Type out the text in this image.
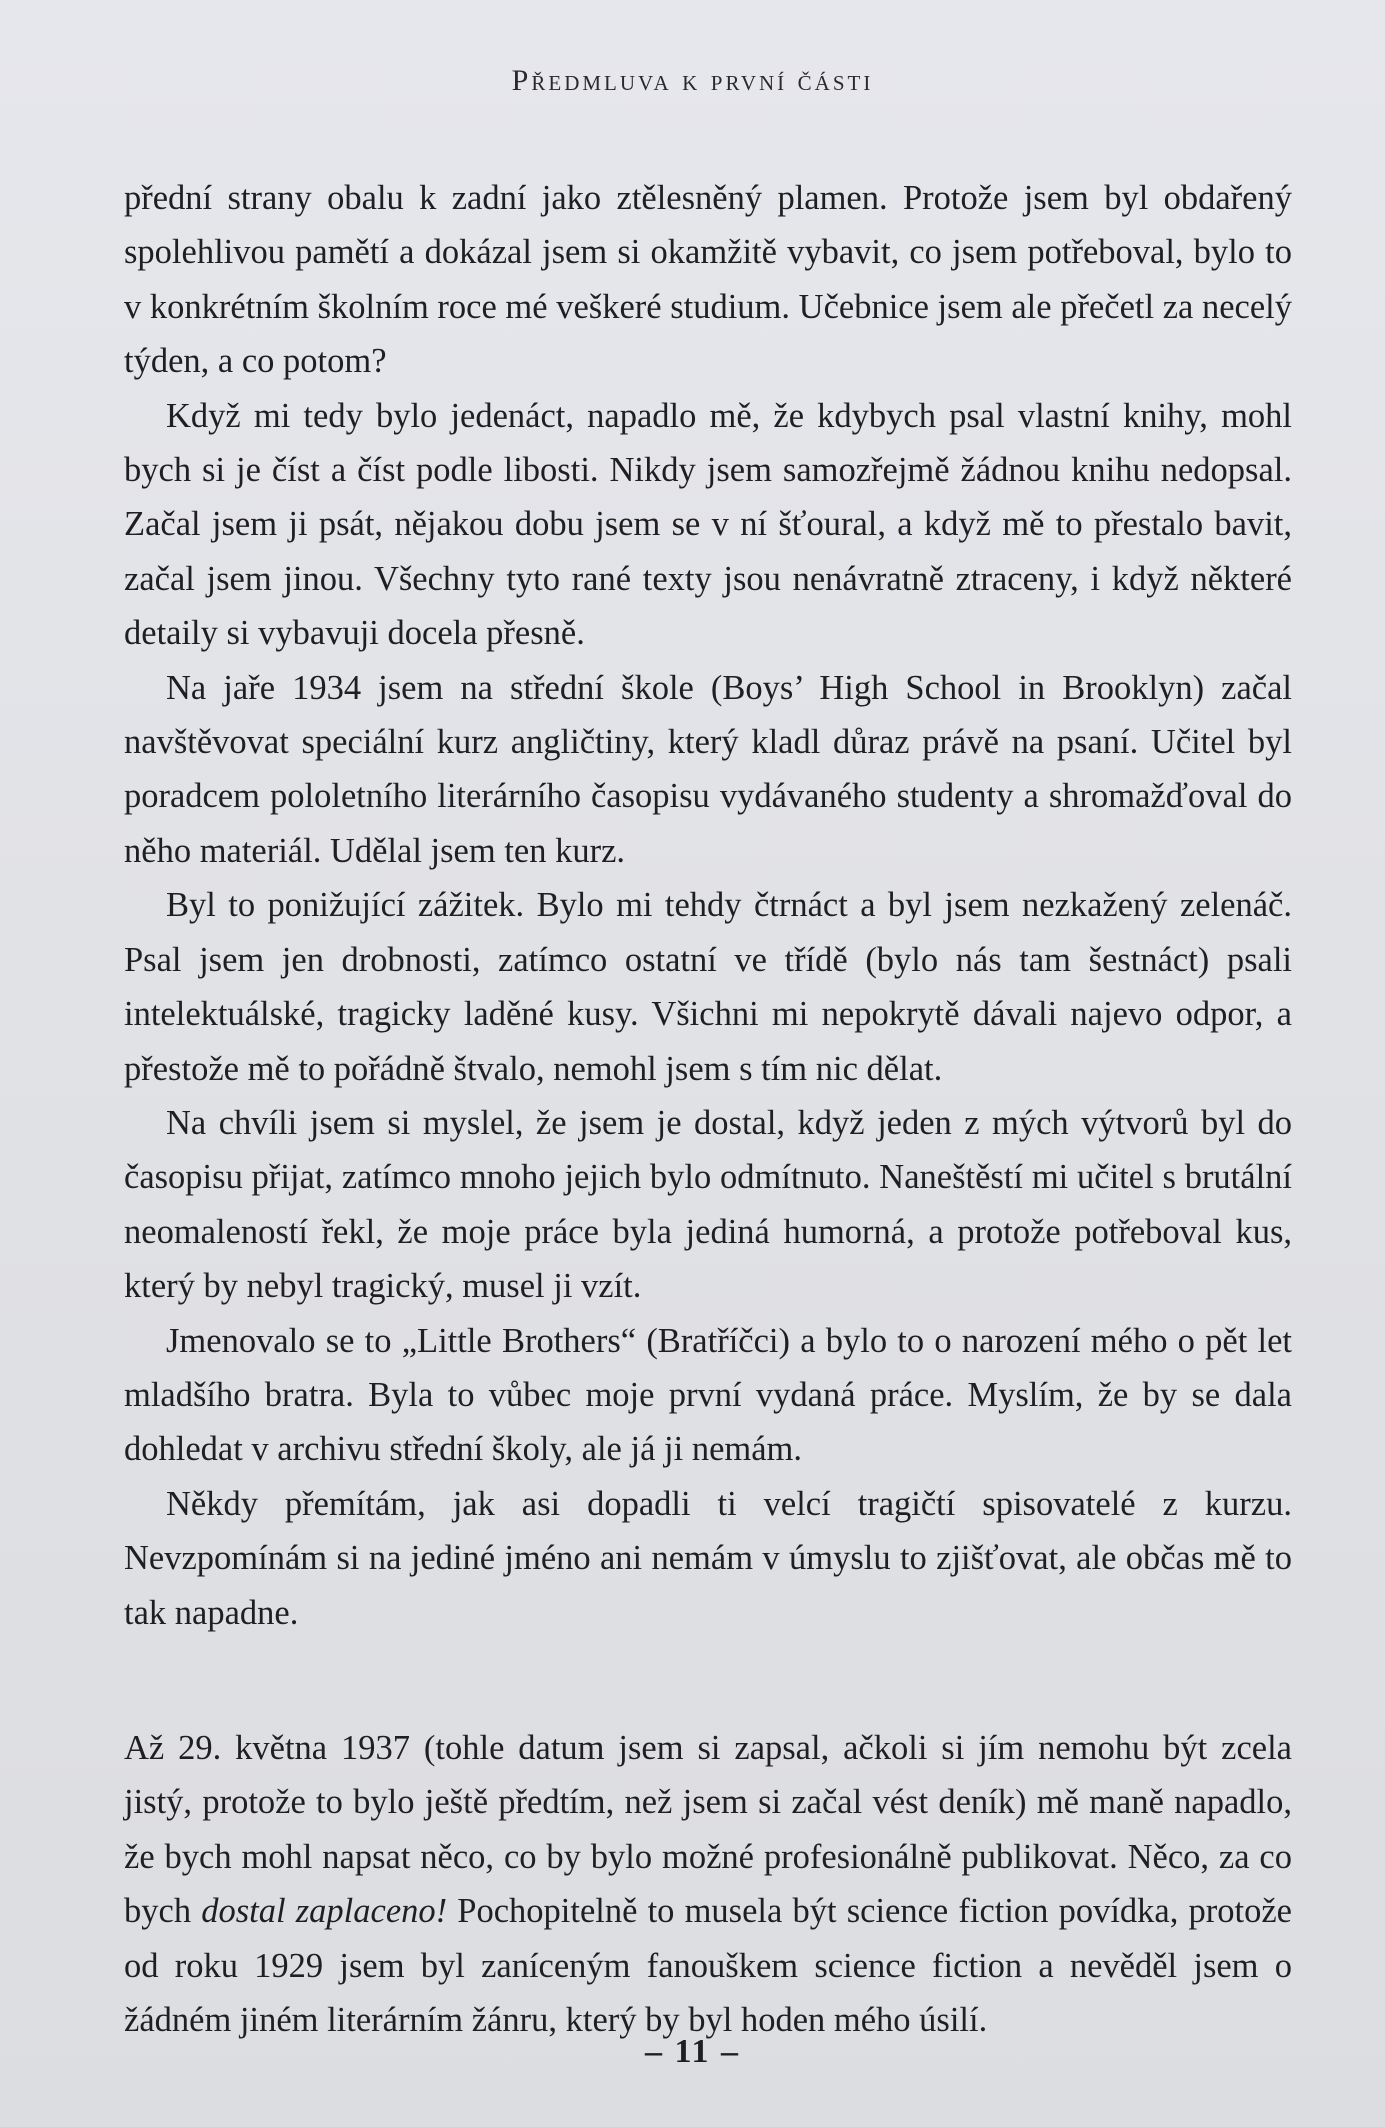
Předmluva k první části

přední strany obalu k zadní jako ztělesněný plamen. Protože jsem byl obdařený spolehlivou pamětí a dokázal jsem si okamžitě vybavit, co jsem potřeboval, bylo to v konkrétním školním roce mé veškeré studium. Učebnice jsem ale přečetl za necelý týden, a co potom?

Když mi tedy bylo jedenáct, napadlo mě, že kdybych psal vlastní knihy, mohl bych si je číst a číst podle libosti. Nikdy jsem samozřejmě žádnou knihu nedopsal. Začal jsem ji psát, nějakou dobu jsem se v ní šťoural, a když mě to přestalo bavit, začal jsem jinou. Všechny tyto rané texty jsou nenávratně ztraceny, i když některé detaily si vybavuji docela přesně.

Na jaře 1934 jsem na střední škole (Boys’ High School in Brooklyn) začal navštěvovat speciální kurz angličtiny, který kladl důraz právě na psaní. Učitel byl poradcem pololetního literárního časopisu vydávaného studenty a shromažďoval do něho materiál. Udělal jsem ten kurz.

Byl to ponižující zážitek. Bylo mi tehdy čtrnáct a byl jsem nezkažený zelenáč. Psal jsem jen drobnosti, zatímco ostatní ve třídě (bylo nás tam šestnáct) psali intelektuálské, tragicky laděné kusy. Všichni mi nepokrytě dávali najevo odpor, a přestože mě to pořádně štvalo, nemohl jsem s tím nic dělat.

Na chvíli jsem si myslel, že jsem je dostal, když jeden z mých výtvorů byl do časopisu přijat, zatímco mnoho jejich bylo odmítnuto. Naneštěstí mi učitel s brutální neomaleností řekl, že moje práce byla jediná humorná, a protože potřeboval kus, který by nebyl tragický, musel ji vzít.

Jmenovalo se to „Little Brothers“ (Bratříčci) a bylo to o narození mého o pět let mladšího bratra. Byla to vůbec moje první vydaná práce. Myslím, že by se dala dohledat v archivu střední školy, ale já ji nemám.

Někdy přemítám, jak asi dopadli ti velcí tragičtí spisovatelé z kurzu. Nevzpomínám si na jediné jméno ani nemám v úmyslu to zjišťovat, ale občas mě to tak napadne.

Až 29. května 1937 (tohle datum jsem si zapsal, ačkoli si jím nemohu být zcela jistý, protože to bylo ještě předtím, než jsem si začal vést deník) mě maně napadlo, že bych mohl napsat něco, co by bylo možné profesionálně publikovat. Něco, za co bych dostal zaplaceno! Pochopitelně to musela být science fiction povídka, protože od roku 1929 jsem byl zaníceným fanouškem science fiction a nevěděl jsem o žádném jiném literárním žánru, který by byl hoden mého úsilí.

– 11 –
